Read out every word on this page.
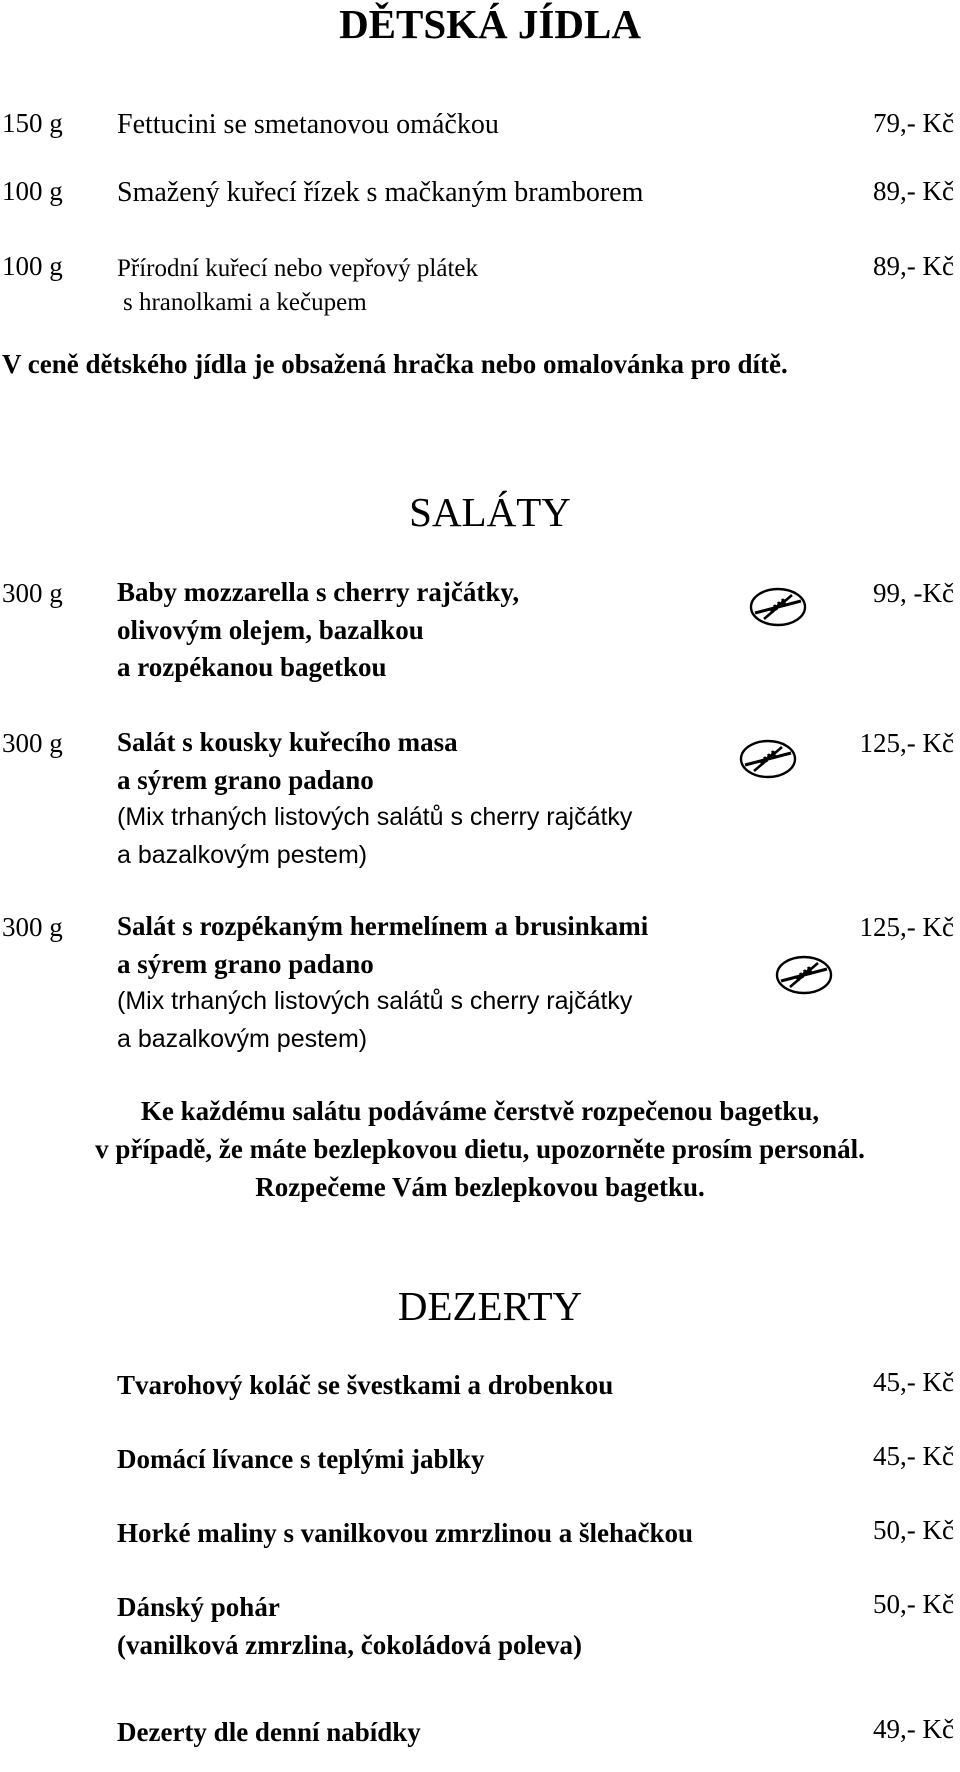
DĚTSKÁ JÍDLA
150 g Fettucini se smetanovou omáčkou	79,- Kč
100 g Smažený kuřecí řízek s mačkaným bramborem	89,- Kč
100 g Přírodní kuřecí nebo vepřový plátek
s hranolkami a kečupem
89,- Kč
V ceně dětského jídla je obsažená hračka nebo omalovánka pro dítě.
SALÁTY
300 g Baby mozzarella s cherry rajčátky,
olivovým olejem, bazalkou
a rozpékanou bagetkou
99, -Kč
300 g Salát s kousky kuřecího masa
a sýrem grano padano
(Mix trhaných listových salátů s cherry rajčátky
a bazalkovým pestem)
125,- Kč
300 g Salát s rozpékaným hermelínem a brusinkami
a sýrem grano padano
(Mix trhaných listových salátů s cherry rajčátky
a bazalkovým pestem)
125,- Kč
Ke každému salátu podáváme čerstvě rozpečenou bagetku,
v případě, že máte bezlepkovou dietu, upozorněte prosím personál.
Rozpečeme Vám bezlepkovou bagetku.
DEZERTY
Tvarohový koláč se švestkami a drobenkou	45,- Kč
Domácí lívance s teplými jablky	45,- Kč
Horké maliny s vanilkovou zmrzlinou a šlehačkou	50,- Kč
Dánský pohár
(vanilková zmrzlina, čokoládová poleva)
50,- Kč
Dezerty dle denní nabídky	49,- Kč
